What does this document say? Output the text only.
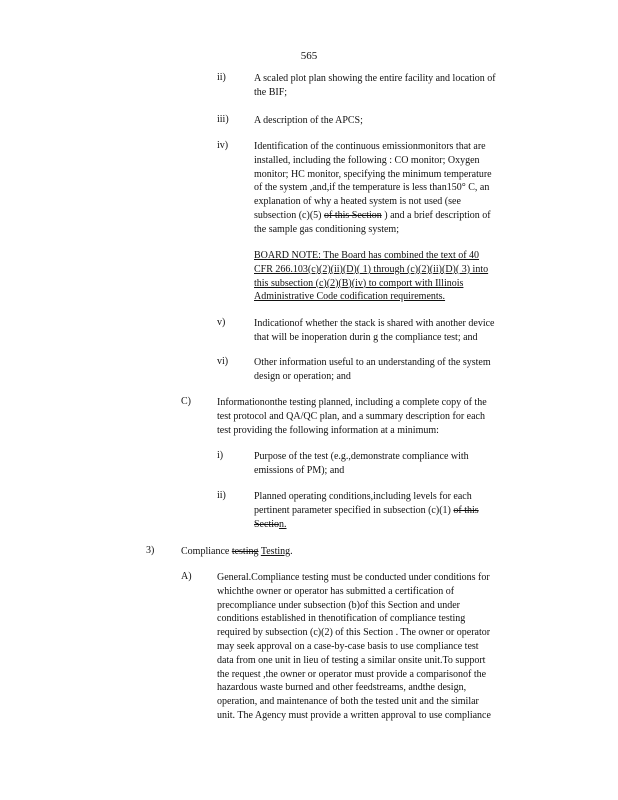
565
ii)	A scaled plot plan showing the entire facility and location of
the BIF;
iii)	A description of the APCS;
iv)	Identification of the continuous emissionmonitors that are
installed, including the following : CO monitor; Oxygen
monitor; HC monitor, specifying the minimum temperature
of the system ,and,if the temperature is less than150° C, an
explanation of why a heated system is not used (see
subsection (c)(5) of this Section ) and a brief description of
the sample gas conditioning system;
BOARD NOTE: The Board has combined the text of 40
CFR 266.103(c)(2)(ii)(D)( 1) through (c)(2)(ii)(D)( 3) into
this subsection (c)(2)(B)(iv) to comport with Illinois
Administrative Code codification requirements.
v)	Indicationof whether the stack is shared with another device
that will be inoperation durin g the compliance test; and
vi)	Other information useful to an understanding of the system
design or operation; and
C)	Informationonthe testing planned, including a complete copy of the
test protocol and QA/QC plan, and a summary description for each
test providing the following information at a minimum:
i)	Purpose of the test (e.g.,demonstrate compliance with
emissions of PM); and
ii)	Planned operating conditions,including levels for each
pertinent parameter specified in subsection (c)(1) of this
Section.
3)	Compliance testing Testing.
A)	General.Compliance testing must be conducted under conditions for
whichthe owner or operator has submitted a certification of
precompliance under subsection (b)of this Section and under
conditions established in thenotification of compliance testing
required by subsection (c)(2) of this Section . The owner or operator
may seek approval on a case-by-case basis to use compliance test
data from one unit in lieu of testing a similar onsite unit.To support
the request ,the owner or operator must provide a comparisonof the
hazardous waste burned and other feedstreams, andthe design,
operation, and maintenance of both the tested unit and the similar
unit. The Agency must provide a written approval to use compliance
